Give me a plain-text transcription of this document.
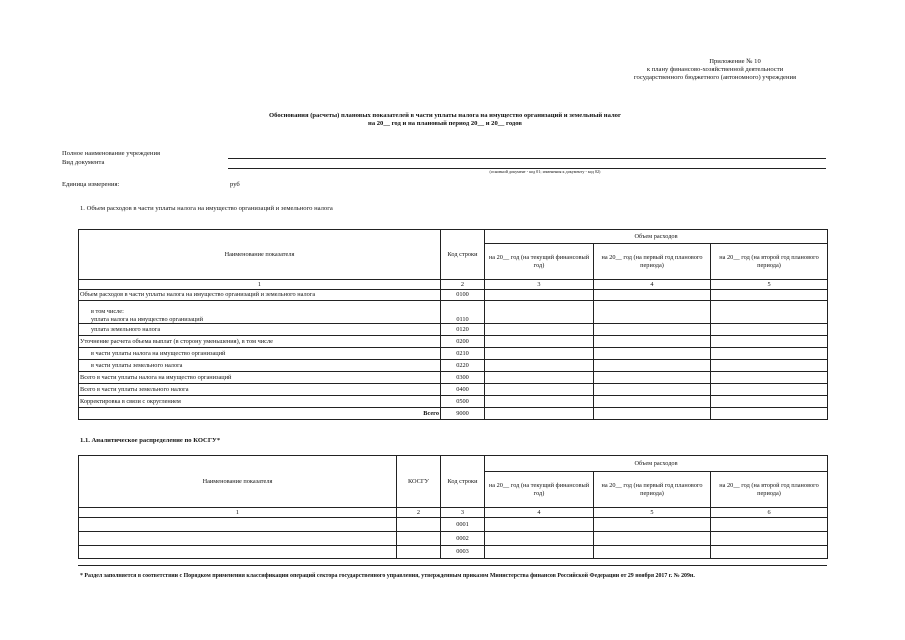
Приложение № 10
к плану финансово-хозяйственной деятельности
государственного бюджетного (автономного) учреждения
Обоснования (расчеты) плановых показателей в части уплаты налога на имущество организаций и земельный налог
на 20__ год и на плановый период 20__ и 20__ годов
Полное наименование учреждения
Вид документа
(основной документ - код 01; изменения к документу - код 02)
Единица измерения:	руб
1. Объем расходов в части уплаты налога на имущество организаций и земельного налога
Наименование показателя	Код строки	Объем расходов		
		на 20__ год (на текущий финансовый год)	на 20__ год (на первый год планового периода)	на 20__ год (на второй год планового периода)
1	2	3	4	5
Объем расходов в части уплаты налога на имущество организаций и земельного налога	0100			

в том числе:
уплата налога на имущество организаций	0110			
уплата земельного налога	0120			
Уточнение расчета объема выплат (в сторону уменьшения), в том числе	0200			
в части уплаты налога на имущество организаций	0210			
в части уплаты земельного налога	0220			
Всего в части уплаты налога на имущество организаций	0300			
Всего в части уплаты земельного налога	0400			
Корректировка в связи с округлением	0500			
Всего	9000			
1.1. Аналитическое распределение по КОСГУ*
Наименование показателя	КОСГУ	Код строки	Объем расходов		
			на 20__ год (на текущий финансовый год)	на 20__ год (на первый год планового периода)	на 20__ год (на второй год планового периода)
1	2	3	4	5	6
		0001			
		0002			
		0003			
* Раздел заполняется в соответствии с Порядком применения классификации операций сектора государственного управления, утвержденным приказом Министерства финансов Российской Федерации от 29 ноября 2017 г. № 209н.
